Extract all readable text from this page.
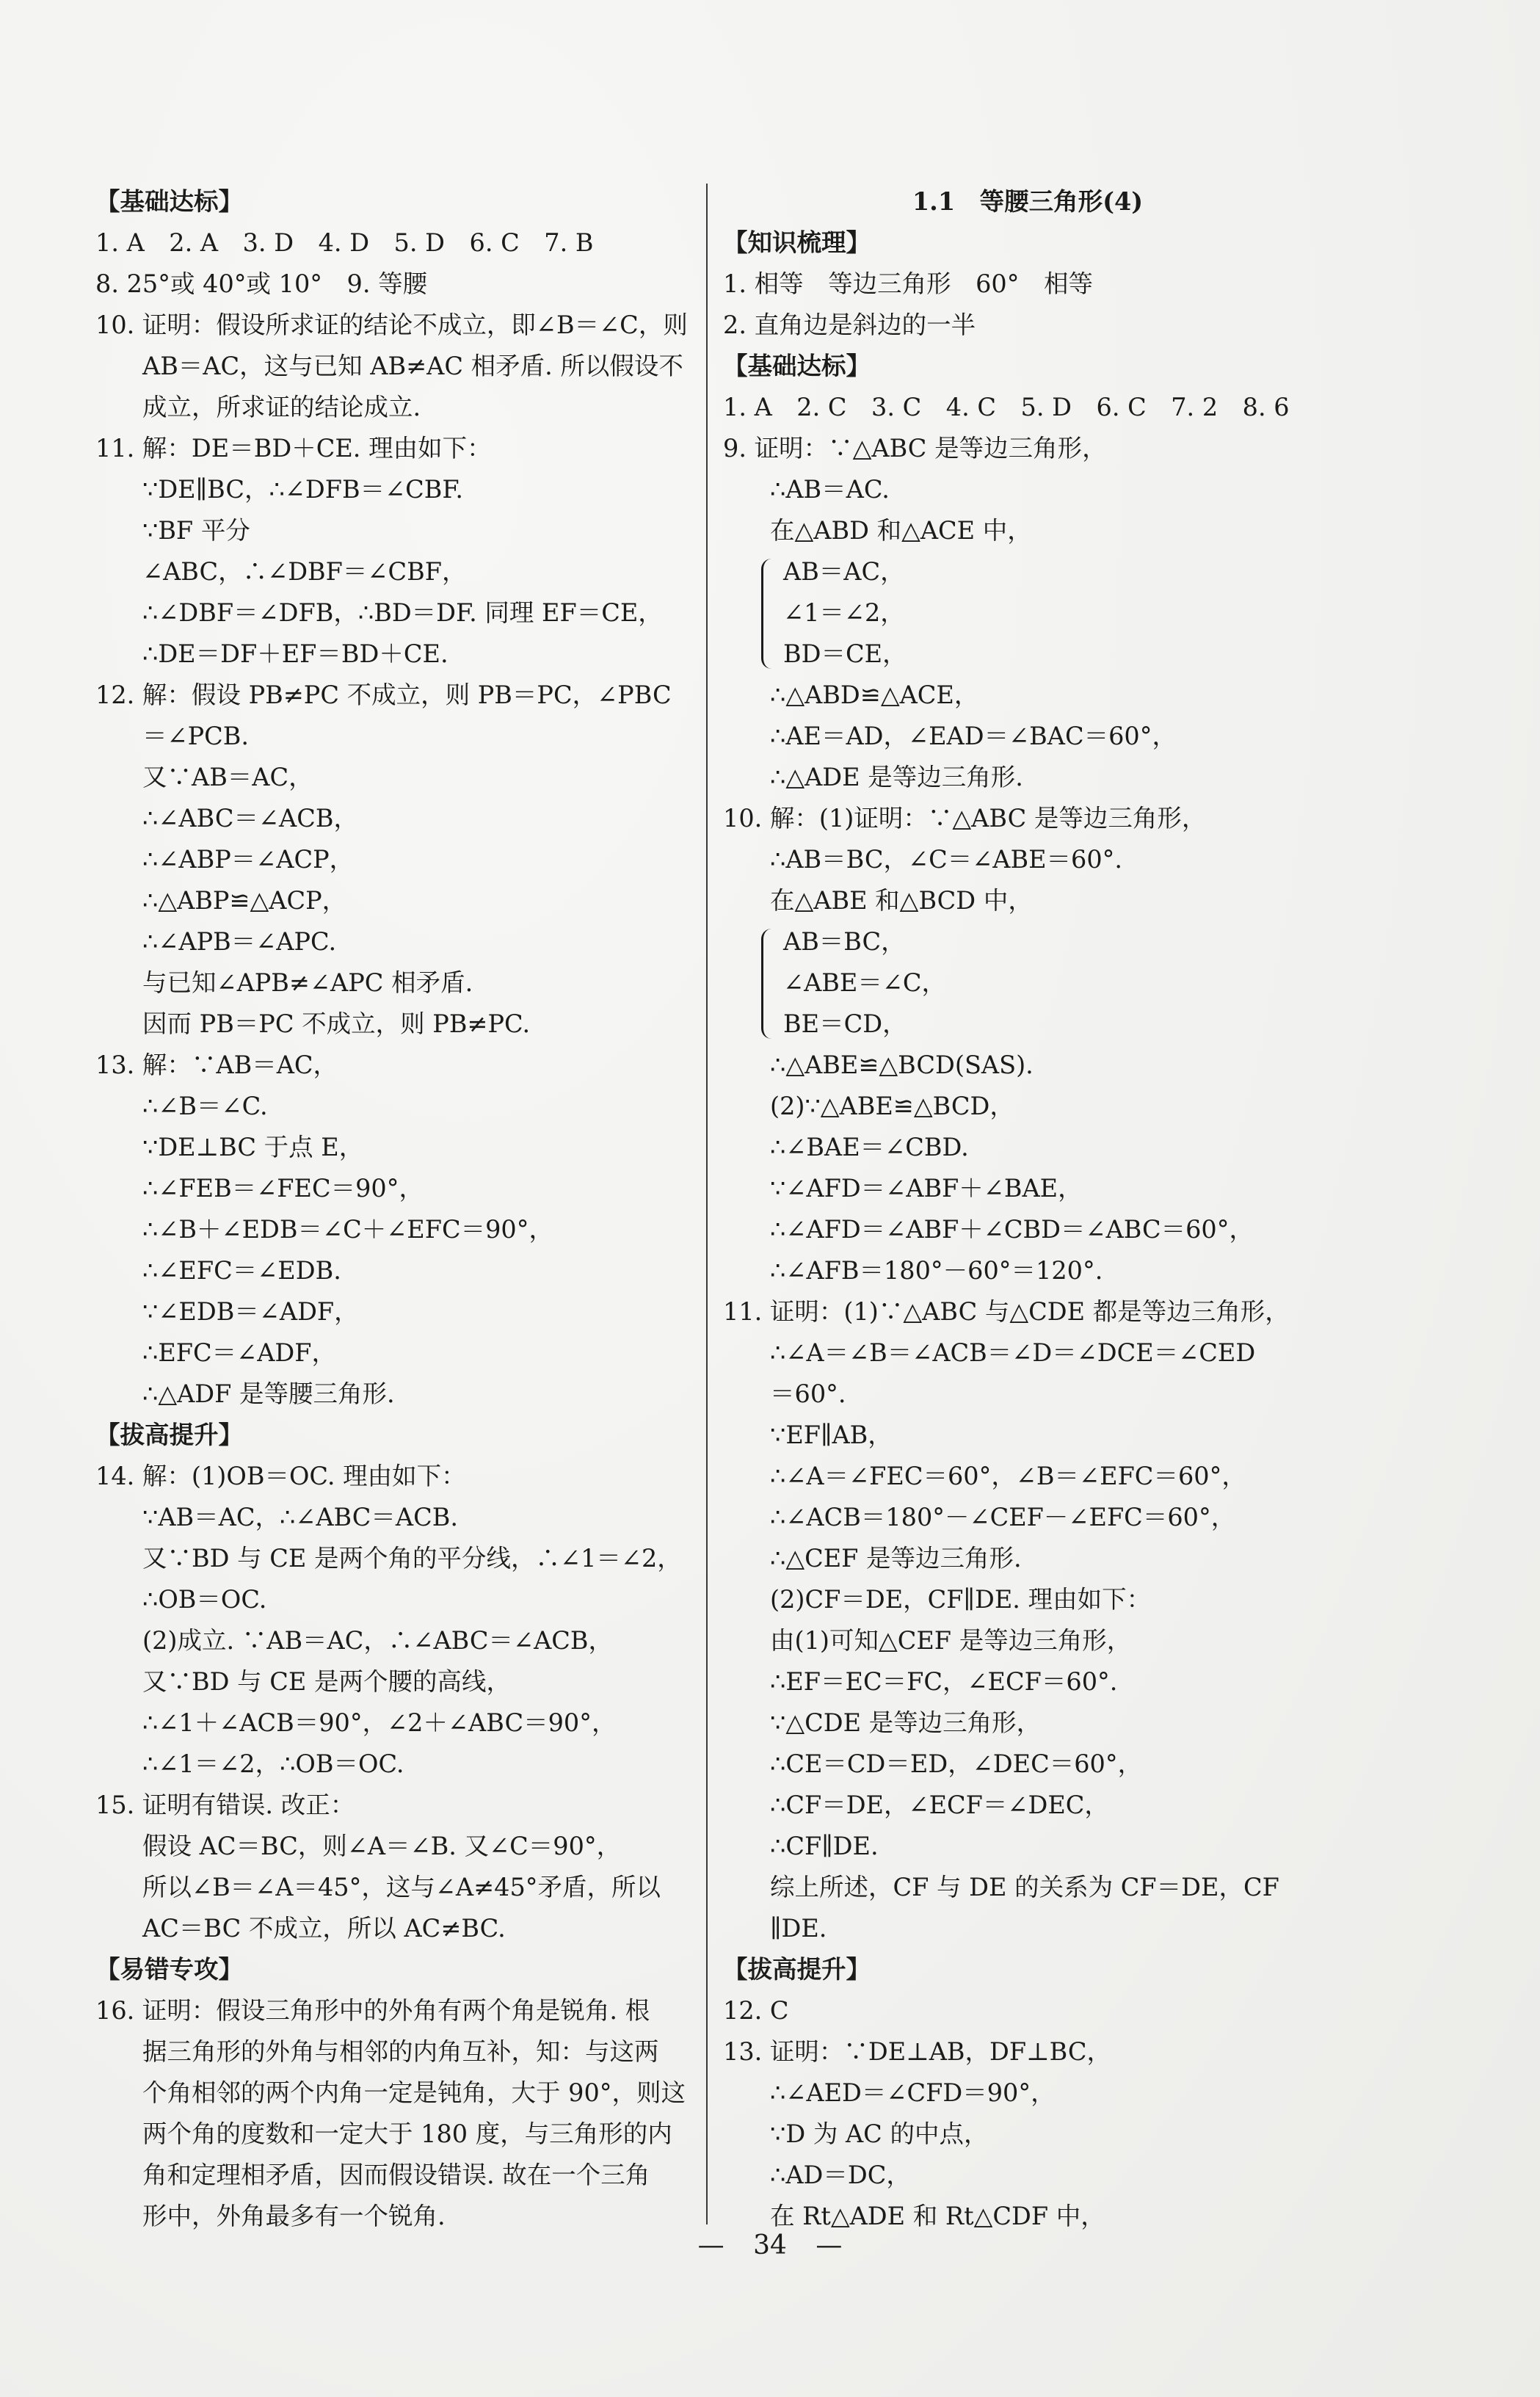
【基础达标】
1. A　2. A　3. D　4. D　5. D　6. C　7. B
8. 25°或 40°或 10°　9. 等腰
10. 证明：假设所求证的结论不成立，即∠B＝∠C，则
AB＝AC，这与已知 AB≠AC 相矛盾. 所以假设不
成立，所求证的结论成立.
11. 解：DE＝BD＋CE. 理由如下：
∵DE∥BC，∴∠DFB＝∠CBF.
∵BF 平分
∠ABC，∴∠DBF＝∠CBF，
∴∠DBF＝∠DFB，∴BD＝DF. 同理 EF＝CE，
∴DE＝DF＋EF＝BD＋CE.
12. 解：假设 PB≠PC 不成立，则 PB＝PC，∠PBC
＝∠PCB.
又∵AB＝AC，
∴∠ABC＝∠ACB，
∴∠ABP＝∠ACP，
∴△ABP≌△ACP，
∴∠APB＝∠APC.
与已知∠APB≠∠APC 相矛盾.
因而 PB＝PC 不成立，则 PB≠PC.
13. 解：∵AB＝AC，
∴∠B＝∠C.
∵DE⊥BC 于点 E，
∴∠FEB＝∠FEC＝90°，
∴∠B＋∠EDB＝∠C＋∠EFC＝90°，
∴∠EFC＝∠EDB.
∵∠EDB＝∠ADF，
∴EFC＝∠ADF，
∴△ADF 是等腰三角形.
【拔高提升】
14. 解：(1)OB＝OC. 理由如下：
∵AB＝AC，∴∠ABC＝ACB.
又∵BD 与 CE 是两个角的平分线，∴∠1＝∠2，
∴OB＝OC.
(2)成立. ∵AB＝AC，∴∠ABC＝∠ACB，
又∵BD 与 CE 是两个腰的高线，
∴∠1＋∠ACB＝90°，∠2＋∠ABC＝90°，
∴∠1＝∠2，∴OB＝OC.
15. 证明有错误. 改正：
假设 AC＝BC，则∠A＝∠B. 又∠C＝90°，
所以∠B＝∠A＝45°，这与∠A≠45°矛盾，所以
AC＝BC 不成立，所以 AC≠BC.
【易错专攻】
16. 证明：假设三角形中的外角有两个角是锐角. 根
据三角形的外角与相邻的内角互补，知：与这两
个角相邻的两个内角一定是钝角，大于 90°，则这
两个角的度数和一定大于 180 度，与三角形的内
角和定理相矛盾，因而假设错误. 故在一个三角
形中，外角最多有一个锐角.
1.1　等腰三角形(4)
【知识梳理】
1. 相等　等边三角形　60°　相等
2. 直角边是斜边的一半
【基础达标】
1. A　2. C　3. C　4. C　5. D　6. C　7. 2　8. 6
9. 证明：∵△ABC 是等边三角形，
∴AB＝AC.
在△ABD 和△ACE 中，
AB＝AC，
∠1＝∠2，
BD＝CE，
∴△ABD≌△ACE，
∴AE＝AD，∠EAD＝∠BAC＝60°，
∴△ADE 是等边三角形.
10. 解：(1)证明：∵△ABC 是等边三角形，
∴AB＝BC，∠C＝∠ABE＝60°.
在△ABE 和△BCD 中，
AB＝BC，
∠ABE＝∠C，
BE＝CD，
∴△ABE≌△BCD(SAS).
(2)∵△ABE≌△BCD，
∴∠BAE＝∠CBD.
∵∠AFD＝∠ABF＋∠BAE，
∴∠AFD＝∠ABF＋∠CBD＝∠ABC＝60°，
∴∠AFB＝180°－60°＝120°.
11. 证明：(1)∵△ABC 与△CDE 都是等边三角形，
∴∠A＝∠B＝∠ACB＝∠D＝∠DCE＝∠CED
＝60°.
∵EF∥AB，
∴∠A＝∠FEC＝60°，∠B＝∠EFC＝60°，
∴∠ACB＝180°－∠CEF－∠EFC＝60°，
∴△CEF 是等边三角形.
(2)CF＝DE，CF∥DE. 理由如下：
由(1)可知△CEF 是等边三角形，
∴EF＝EC＝FC，∠ECF＝60°.
∵△CDE 是等边三角形，
∴CE＝CD＝ED，∠DEC＝60°，
∴CF＝DE，∠ECF＝∠DEC，
∴CF∥DE.
综上所述，CF 与 DE 的关系为 CF＝DE，CF
∥DE.
【拔高提升】
12. C
13. 证明：∵DE⊥AB，DF⊥BC，
∴∠AED＝∠CFD＝90°，
∵D 为 AC 的中点，
∴AD＝DC，
在 Rt△ADE 和 Rt△CDF 中，
— 34 —
